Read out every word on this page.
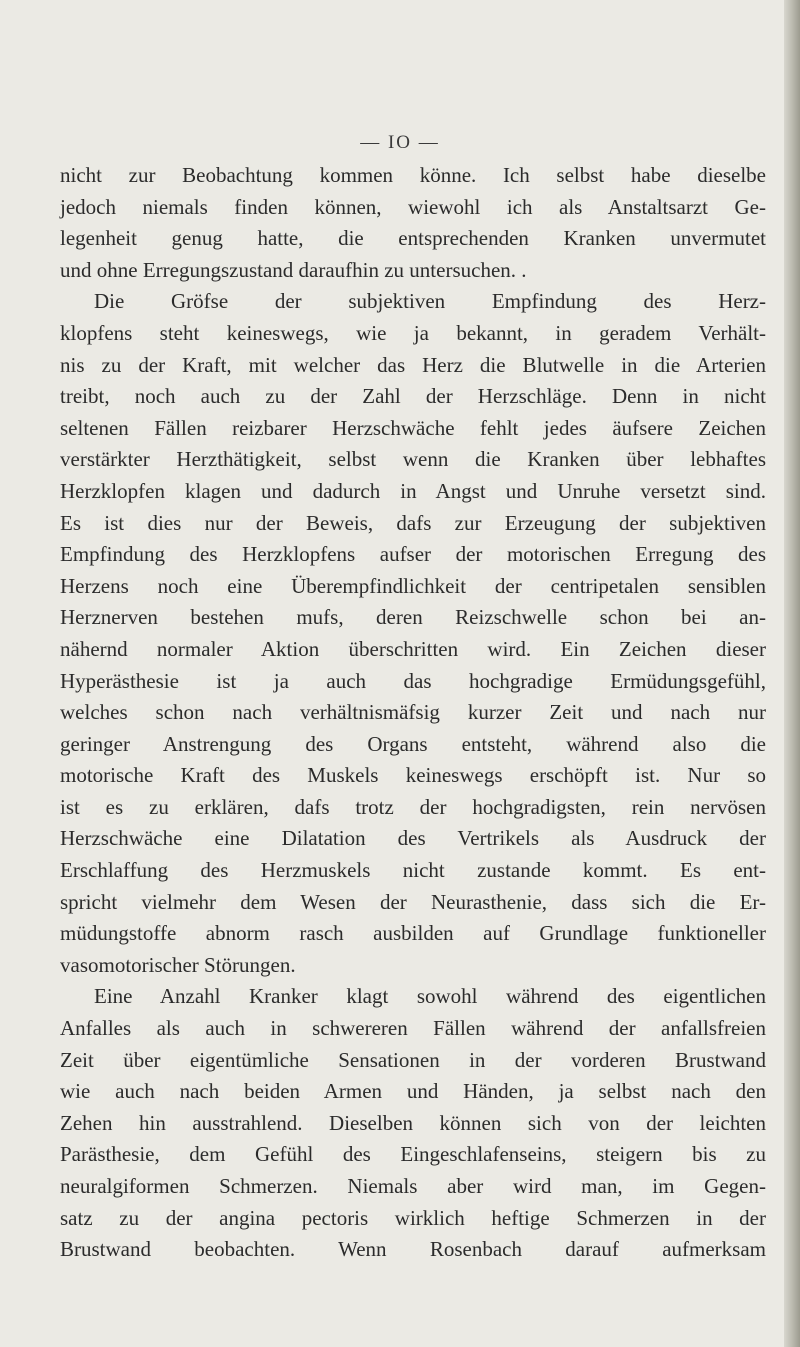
— IO —
nicht zur Beobachtung kommen könne. Ich selbst habe dieselbe
jedoch niemals finden können, wiewohl ich als Anstaltsarzt Ge-
legenheit genug hatte, die entsprechenden Kranken unvermutet
und ohne Erregungszustand daraufhin zu untersuchen. .
Die Gröfse der subjektiven Empfindung des Herz-
klopfens steht keineswegs, wie ja bekannt, in geradem Verhält-
nis zu der Kraft, mit welcher das Herz die Blutwelle in die Arterien
treibt, noch auch zu der Zahl der Herzschläge. Denn in nicht
seltenen Fällen reizbarer Herzschwäche fehlt jedes äufsere Zeichen
verstärkter Herzthätigkeit, selbst wenn die Kranken über lebhaftes
Herzklopfen klagen und dadurch in Angst und Unruhe versetzt sind.
Es ist dies nur der Beweis, dafs zur Erzeugung der subjektiven
Empfindung des Herzklopfens aufser der motorischen Erregung des
Herzens noch eine Überempfindlichkeit der centripetalen sensiblen
Herznerven bestehen mufs, deren Reizschwelle schon bei an-
nähernd normaler Aktion überschritten wird. Ein Zeichen dieser
Hyperästhesie ist ja auch das hochgradige Ermüdungsgefühl,
welches schon nach verhältnismäfsig kurzer Zeit und nach nur
geringer Anstrengung des Organs entsteht, während also die
motorische Kraft des Muskels keineswegs erschöpft ist. Nur so
ist es zu erklären, dafs trotz der hochgradigsten, rein nervösen
Herzschwäche eine Dilatation des Vertrikels als Ausdruck der
Erschlaffung des Herzmuskels nicht zustande kommt. Es ent-
spricht vielmehr dem Wesen der Neurasthenie, dass sich die Er-
müdungstoffe abnorm rasch ausbilden auf Grundlage funktioneller
vasomotorischer Störungen.
Eine Anzahl Kranker klagt sowohl während des eigentlichen
Anfalles als auch in schwereren Fällen während der anfallsfreien
Zeit über eigentümliche Sensationen in der vorderen Brustwand
wie auch nach beiden Armen und Händen, ja selbst nach den
Zehen hin ausstrahlend. Dieselben können sich von der leichten
Parästhesie, dem Gefühl des Eingeschlafenseins, steigern bis zu
neuralgiformen Schmerzen. Niemals aber wird man, im Gegen-
satz zu der angina pectoris wirklich heftige Schmerzen in der
Brustwand beobachten. Wenn Rosenbach darauf aufmerksam
